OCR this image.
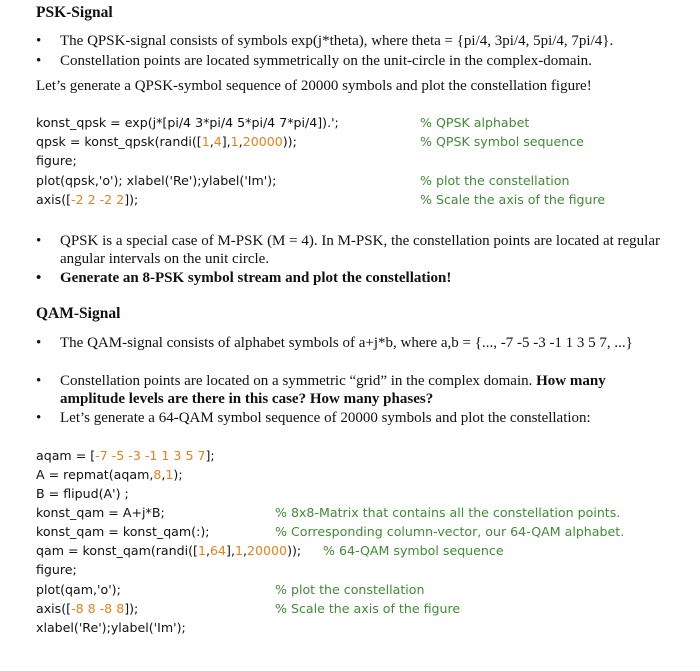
PSK-Signal
• The QPSK-signal consists of symbols exp(j*theta), where theta = {pi/4, 3pi/4, 5pi/4, 7pi/4}.
• Constellation points are located symmetrically on the unit-circle in the complex-domain.
Let’s generate a QPSK-symbol sequence of 20000 symbols and plot the constellation figure!
konst_qpsk = exp(j*[pi/4 3*pi/4 5*pi/4 7*pi/4]).';	% QPSK alphabet
qpsk = konst_qpsk(randi([1,4],1,20000));	% QPSK symbol sequence
figure;
plot(qpsk,'o'); xlabel('Re');ylabel('Im');	% plot the constellation
axis([-2 2 -2 2]);	% Scale the axis of the figure
• QPSK is a special case of M-PSK (M = 4). In M-PSK, the constellation points are located at regular angular intervals on the unit circle.
• Generate an 8-PSK symbol stream and plot the constellation!
QAM-Signal
• The QAM-signal consists of alphabet symbols of a+j*b, where a,b = {..., -7 -5 -3 -1 1 3 5 7, ...}
• Constellation points are located on a symmetric “grid” in the complex domain. How many amplitude levels are there in this case? How many phases?
• Let’s generate a 64-QAM symbol sequence of 20000 symbols and plot the constellation:
aqam = [-7 -5 -3 -1 1 3 5 7];
A = repmat(aqam,8,1);
B = flipud(A') ;
konst_qam = A+j*B;	% 8x8-Matrix that contains all the constellation points.
konst_qam = konst_qam(:);	% Corresponding column-vector, our 64-QAM alphabet.
qam = konst_qam(randi([1,64],1,20000)); % 64-QAM symbol sequence
figure;
plot(qam,'o');	% plot the constellation
axis([-8 8 -8 8]);	% Scale the axis of the figure
xlabel('Re');ylabel('Im');
